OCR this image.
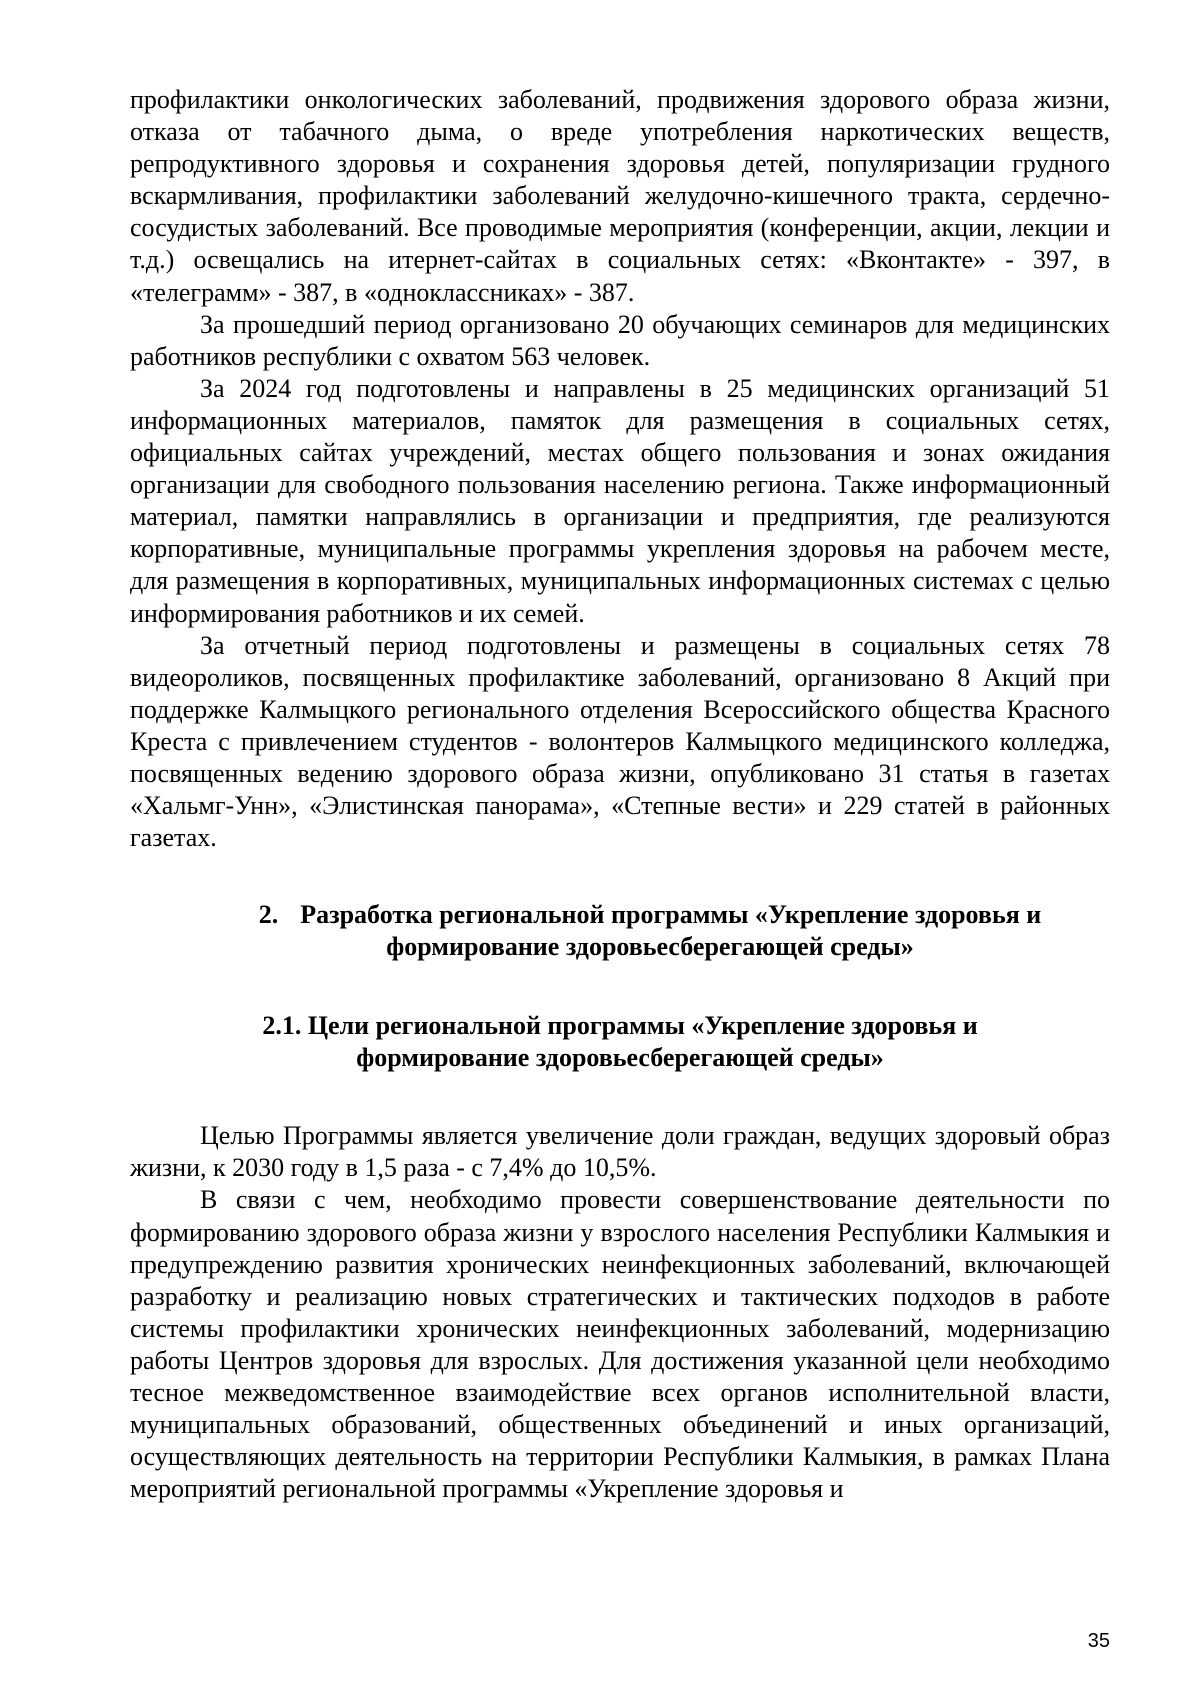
профилактики онкологических заболеваний, продвижения здорового образа жизни, отказа от табачного дыма, о вреде употребления наркотических веществ, репродуктивного здоровья и сохранения здоровья детей, популяризации грудного вскармливания, профилактики заболеваний желудочно-кишечного тракта, сердечно-сосудистых заболеваний. Все проводимые мероприятия (конференции, акции, лекции и т.д.) освещались на итернет-сайтах в социальных сетях: «Вконтакте» - 397, в «телеграмм» - 387, в «одноклассниках» - 387.

За прошедший период организовано 20 обучающих семинаров для медицинских работников республики с охватом 563 человек.

За 2024 год подготовлены и направлены в 25 медицинских организаций 51 информационных материалов, памяток для размещения в социальных сетях, официальных сайтах учреждений, местах общего пользования и зонах ожидания организации для свободного пользования населению региона. Также информационный материал, памятки направлялись в организации и предприятия, где реализуются корпоративные, муниципальные программы укрепления здоровья на рабочем месте, для размещения в корпоративных, муниципальных информационных системах с целью информирования работников и их семей.

За отчетный период подготовлены и размещены в социальных сетях 78 видеороликов, посвященных профилактике заболеваний, организовано 8 Акций при поддержке Калмыцкого регионального отделения Всероссийского общества Красного Креста с привлечением студентов - волонтеров Калмыцкого медицинского колледжа, посвященных ведению здорового образа жизни, опубликовано 31 статья в газетах «Хальмг-Унн», «Элистинская панорама», «Степные вести» и 229 статей в районных газетах.

2. Разработка региональной программы «Укрепление здоровья и
формирование здоровьесберегающей среды»
2.1. Цели региональной программы «Укрепление здоровья и
формирование здоровьесберегающей среды»

Целью Программы является увеличение доли граждан, ведущих здоровый образ жизни, к 2030 году в 1,5 раза - с 7,4% до 10,5%.

В связи с чем, необходимо провести совершенствование деятельности по формированию здорового образа жизни у взрослого населения Республики Калмыкия и предупреждению развития хронических неинфекционных заболеваний, включающей разработку и реализацию новых стратегических и тактических подходов в работе системы профилактики хронических неинфекционных заболеваний, модернизацию работы Центров здоровья для взрослых. Для достижения указанной цели необходимо тесное межведомственное взаимодействие всех органов исполнительной власти, муниципальных образований, общественных объединений и иных организаций, осуществляющих деятельность на территории Республики Калмыкия, в рамках Плана мероприятий региональной программы «Укрепление здоровья и

35
